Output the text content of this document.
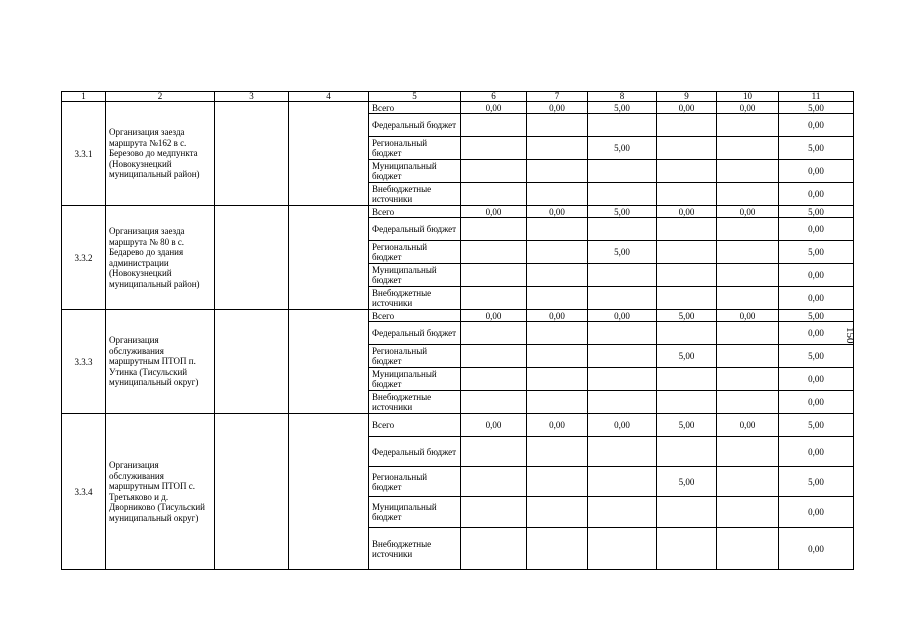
1	2	3	4	5	6	7	8	9	10	11
3.3.1	Организация заезда маршрута №162 в с. Березово до медпункта (Новокузнецкий муниципальный район)			Всего	0,00	0,00	5,00	0,00	0,00	5,00
				Федеральный бюджет						0,00
				Региональный бюджет			5,00			5,00
				Муниципальный бюджет						0,00
				Внебюджетные источники						0,00
3.3.2	Организация заезда маршрута № 80 в с. Бедарево до здания администрации (Новокузнецкий муниципальный район)			Всего	0,00	0,00	5,00	0,00	0,00	5,00
				Федеральный бюджет						0,00
				Региональный бюджет			5,00			5,00
				Муниципальный бюджет						0,00
				Внебюджетные источники						0,00
3.3.3	Организация обслуживания маршрутным ПТОП п. Утинка (Тисульский муниципальный округ)			Всего	0,00	0,00	0,00	5,00	0,00	5,00
				Федеральный бюджет						0,00
				Региональный бюджет				5,00		5,00
				Муниципальный бюджет						0,00
				Внебюджетные источники						0,00
3.3.4	Организация обслуживания маршрутным ПТОП с. Третьяково и д. Дворниково (Тисульский муниципальный округ)			Всего	0,00	0,00	0,00	5,00	0,00	5,00
				Федеральный бюджет						0,00
				Региональный бюджет				5,00		5,00
				Муниципальный бюджет						0,00
				Внебюджетные источники						0,00
150
